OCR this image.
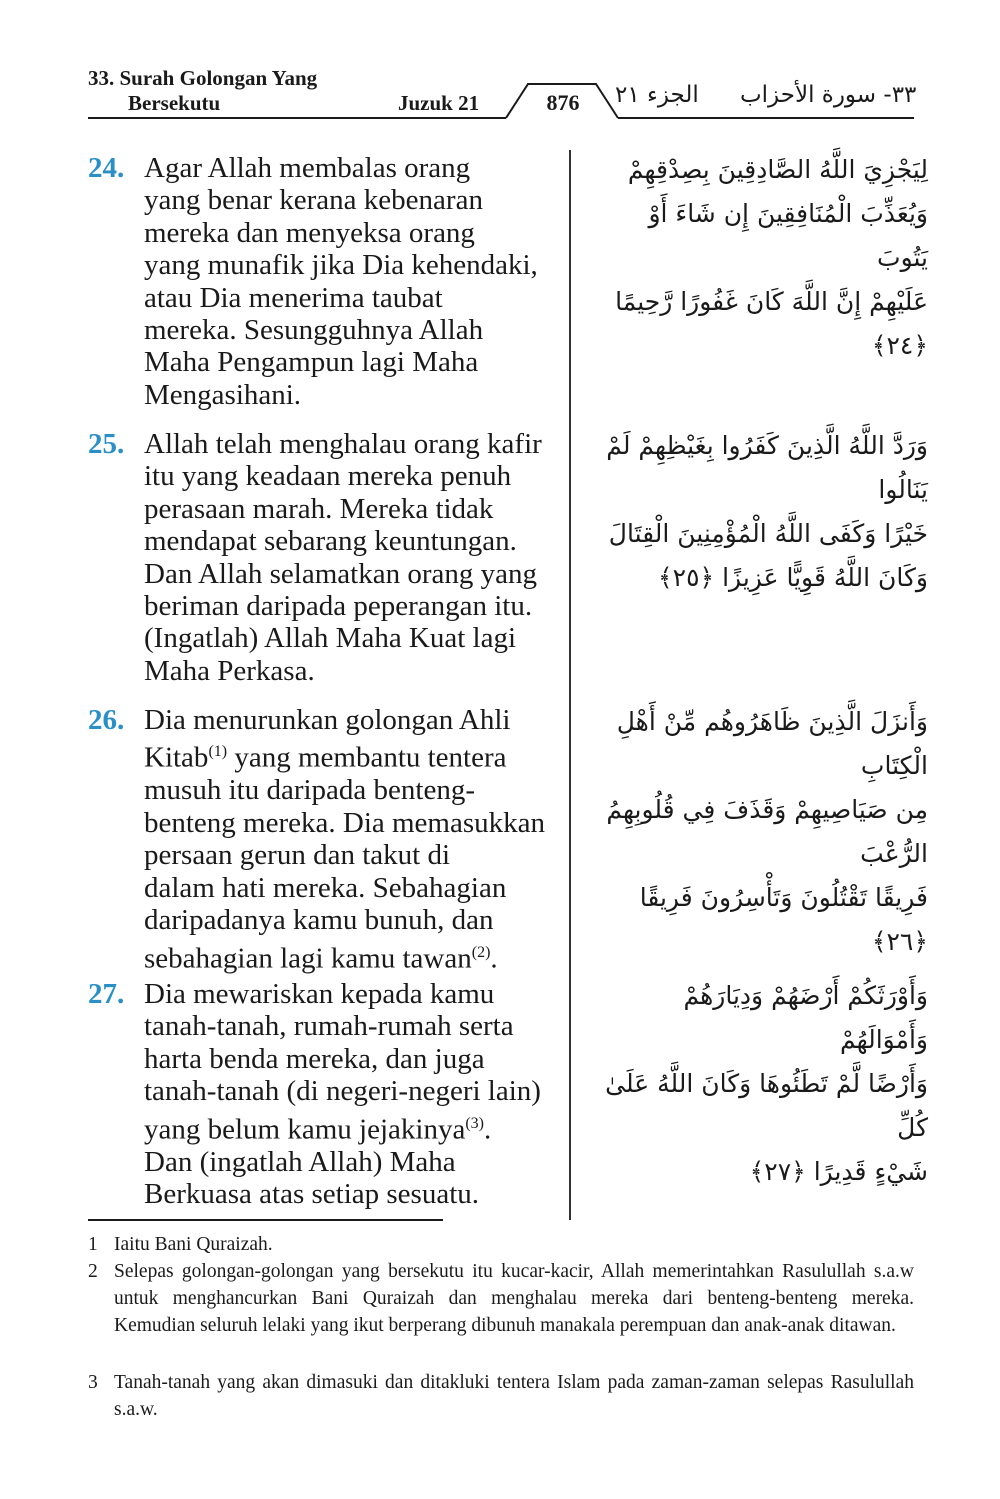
33. Surah Golongan Yang
Bersekutu	Juzuk 21	876	الجزء ٢١ ٣٣- سورة الأحزاب
24. Agar Allah membalas orang
yang benar kerana kebenaran
mereka dan menyeksa orang
yang munafik jika Dia kehendaki,
atau Dia menerima taubat
mereka. Sesungguhnya Allah
Maha Pengampun lagi Maha
Mengasihani.
لِيَجْزِيَ اللَّهُ الصَّادِقِينَ بِصِدْقِهِمْ
وَيُعَذِّبَ الْمُنَافِقِينَ إِن شَاءَ أَوْ يَتُوبَ
عَلَيْهِمْ إِنَّ اللَّهَ كَانَ غَفُورًا رَّحِيمًا ﴿٢٤﴾
25. Allah telah menghalau orang kafir
itu yang keadaan mereka penuh
perasaan marah. Mereka tidak
mendapat sebarang keuntungan.
Dan Allah selamatkan orang yang
beriman daripada peperangan itu.
(Ingatlah) Allah Maha Kuat lagi
Maha Perkasa.
وَرَدَّ اللَّهُ الَّذِينَ كَفَرُوا بِغَيْظِهِمْ لَمْ يَنَالُوا
خَيْرًا وَكَفَى اللَّهُ الْمُؤْمِنِينَ الْقِتَالَ
وَكَانَ اللَّهُ قَوِيًّا عَزِيزًا ﴿٢٥﴾
26. Dia menurunkan golongan Ahli
Kitab$^{(1)}$ yang membantu tentera
musuh itu daripada benteng-
benteng mereka. Dia memasukkan
persaan gerun dan takut di
dalam hati mereka. Sebahagian
daripadanya kamu bunuh, dan
sebahagian lagi kamu tawan$^{(2)}$.
وَأَنزَلَ الَّذِينَ ظَاهَرُوهُم مِّنْ أَهْلِ الْكِتَابِ
مِن صَيَاصِيهِمْ وَقَذَفَ فِي قُلُوبِهِمُ الرُّعْبَ
فَرِيقًا تَقْتُلُونَ وَتَأْسِرُونَ فَرِيقًا ﴿٢٦﴾
27. Dia mewariskan kepada kamu
tanah-tanah, rumah-rumah serta
harta benda mereka, dan juga
tanah-tanah (di negeri-negeri lain)
yang belum kamu jejakinya$^{(3)}$.
Dan (ingatlah Allah) Maha
Berkuasa atas setiap sesuatu.
وَأَوْرَثَكُمْ أَرْضَهُمْ وَدِيَارَهُمْ وَأَمْوَالَهُمْ
وَأَرْضًا لَّمْ تَطَئُوهَا وَكَانَ اللَّهُ عَلَىٰ كُلِّ
شَيْءٍ قَدِيرًا ﴿٢٧﴾
1 Iaitu Bani Quraizah.
2 Selepas golongan-golongan yang bersekutu itu kucar-kacir, Allah memerintahkan Rasulullah s.a.w untuk menghancurkan Bani Quraizah dan menghalau mereka dari benteng-benteng mereka. Kemudian seluruh lelaki yang ikut berperang dibunuh manakala perempuan dan anak-anak ditawan.
3 Tanah-tanah yang akan dimasuki dan ditakluki tentera Islam pada zaman-zaman selepas Rasulullah s.a.w.
